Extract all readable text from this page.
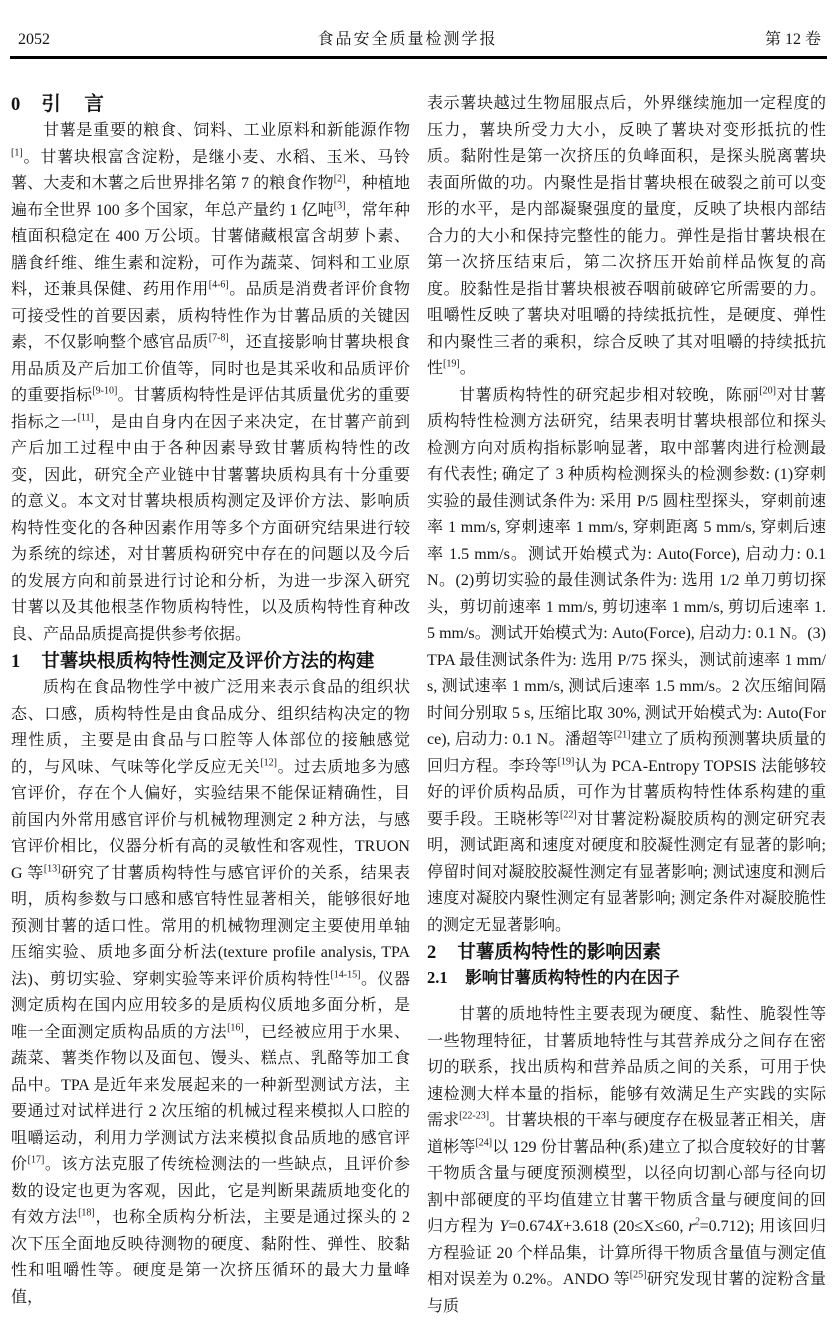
2052	食品安全质量检测学报	第 12 卷
0 引　言

甘薯是重要的粮食、饲料、工业原料和新能源作物[1]。甘薯块根富含淀粉，是继小麦、水稻、玉米、马铃薯、大麦和木薯之后世界排名第 7 的粮食作物[2]，种植地遍布全世界 100 多个国家，年总产量约 1 亿吨[3]，常年种植面积稳定在 400 万公顷。甘薯储藏根富含胡萝卜素、膳食纤维、维生素和淀粉，可作为蔬菜、饲料和工业原料，还兼具保健、药用作用[4-6]。品质是消费者评价食物可接受性的首要因素，质构特性作为甘薯品质的关键因素，不仅影响整个感官品质[7-8]，还直接影响甘薯块根食用品质及产后加工价值等，同时也是其采收和品质评价的重要指标[9-10]。甘薯质构特性是评估其质量优劣的重要指标之一[11]，是由自身内在因子来决定，在甘薯产前到产后加工过程中由于各种因素导致甘薯质构特性的改变，因此，研究全产业链中甘薯薯块质构具有十分重要的意义。本文对甘薯块根质构测定及评价方法、影响质构特性变化的各种因素作用等多个方面研究结果进行较为系统的综述，对甘薯质构研究中存在的问题以及今后的发展方向和前景进行讨论和分析，为进一步深入研究甘薯以及其他根茎作物质构特性，以及质构特性育种改良、产品品质提高提供参考依据。

1 甘薯块根质构特性测定及评价方法的构建

质构在食品物性学中被广泛用来表示食品的组织状态、口感，质构特性是由食品成分、组织结构决定的物理性质，主要是由食品与口腔等人体部位的接触感觉的，与风味、气味等化学反应无关[12]。过去质地多为感官评价，存在个人偏好，实验结果不能保证精确性，目前国内外常用感官评价与机械物理测定 2 种方法，与感官评价相比，仪器分析有高的灵敏性和客观性，TRUONG 等[13]研究了甘薯质构特性与感官评价的关系，结果表明，质构参数与口感和感官特性显著相关，能够很好地预测甘薯的适口性。常用的机械物理测定主要使用单轴压缩实验、质地多面分析法(texture profile analysis, TPA 法)、剪切实验、穿刺实验等来评价质构特性[14-15]。仪器测定质构在国内应用较多的是质构仪质地多面分析，是唯一全面测定质构品质的方法[16]，已经被应用于水果、蔬菜、薯类作物以及面包、馒头、糕点、乳酪等加工食品中。TPA 是近年来发展起来的一种新型测试方法，主要通过对试样进行 2 次压缩的机械过程来模拟人口腔的咀嚼运动，利用力学测试方法来模拟食品质地的感官评价[17]。该方法克服了传统检测法的一些缺点，且评价参数的设定也更为客观，因此，它是判断果蔬质地变化的有效方法[18]，也称全质构分析法，主要是通过探头的 2 次下压全面地反映待测物的硬度、黏附性、弹性、胶黏性和咀嚼性等。硬度是第一次挤压循环的最大力量峰值，

表示薯块越过生物屈服点后，外界继续施加一定程度的压力，薯块所受力大小，反映了薯块对变形抵抗的性质。黏附性是第一次挤压的负峰面积，是探头脱离薯块表面所做的功。内聚性是指甘薯块根在破裂之前可以变形的水平，是内部凝聚强度的量度，反映了块根内部结合力的大小和保持完整性的能力。弹性是指甘薯块根在第一次挤压结束后，第二次挤压开始前样品恢复的高度。胶黏性是指甘薯块根被吞咽前破碎它所需要的力。咀嚼性反映了薯块对咀嚼的持续抵抗性，是硬度、弹性和内聚性三者的乘积，综合反映了其对咀嚼的持续抵抗性[19]。

甘薯质构特性的研究起步相对较晚，陈丽[20]对甘薯质构特性检测方法研究，结果表明甘薯块根部位和探头检测方向对质构指标影响显著，取中部薯肉进行检测最有代表性; 确定了 3 种质构检测探头的检测参数: (1)穿刺实验的最佳测试条件为: 采用 P/5 圆柱型探头，穿刺前速率 1 mm/s, 穿刺速率 1 mm/s, 穿刺距离 5 mm/s, 穿刺后速率 1.5 mm/s。测试开始模式为: Auto(Force), 启动力: 0.1 N。(2)剪切实验的最佳测试条件为: 选用 1/2 单刀剪切探头，剪切前速率 1 mm/s, 剪切速率 1 mm/s, 剪切后速率 1.5 mm/s。测试开始模式为: Auto(Force), 启动力: 0.1 N。(3)TPA 最佳测试条件为: 选用 P/75 探头，测试前速率 1 mm/s, 测试速率 1 mm/s, 测试后速率 1.5 mm/s。2 次压缩间隔时间分别取 5 s, 压缩比取 30%, 测试开始模式为: Auto(Force), 启动力: 0.1 N。潘超等[21]建立了质构预测薯块质量的回归方程。李玲等[19]认为 PCA-Entropy TOPSIS 法能够较好的评价质构品质，可作为甘薯质构特性体系构建的重要手段。王晓彬等[22]对甘薯淀粉凝胶质构的测定研究表明，测试距离和速度对硬度和胶凝性测定有显著的影响; 停留时间对凝胶胶凝性测定有显著影响; 测试速度和测后速度对凝胶内聚性测定有显著影响; 测定条件对凝胶脆性的测定无显著影响。

2 甘薯质构特性的影响因素
2.1 影响甘薯质构特性的内在因子

甘薯的质地特性主要表现为硬度、黏性、脆裂性等一些物理特征，甘薯质地特性与其营养成分之间存在密切的联系，找出质构和营养品质之间的关系，可用于快速检测大样本量的指标，能够有效满足生产实践的实际需求[22-23]。甘薯块根的干率与硬度存在极显著正相关，唐道彬等[24]以 129 份甘薯品种(系)建立了拟合度较好的甘薯干物质含量与硬度预测模型，以径向切割心部与径向切割中部硬度的平均值建立甘薯干物质含量与硬度间的回归方程为 Y=0.674X+3.618 (20≤X≤60, $r^2=0.712$); 用该回归方程验证 20 个样品集，计算所得干物质含量值与测定值相对误差为 0.2%。ANDO 等[25]研究发现甘薯的淀粉含量与质
